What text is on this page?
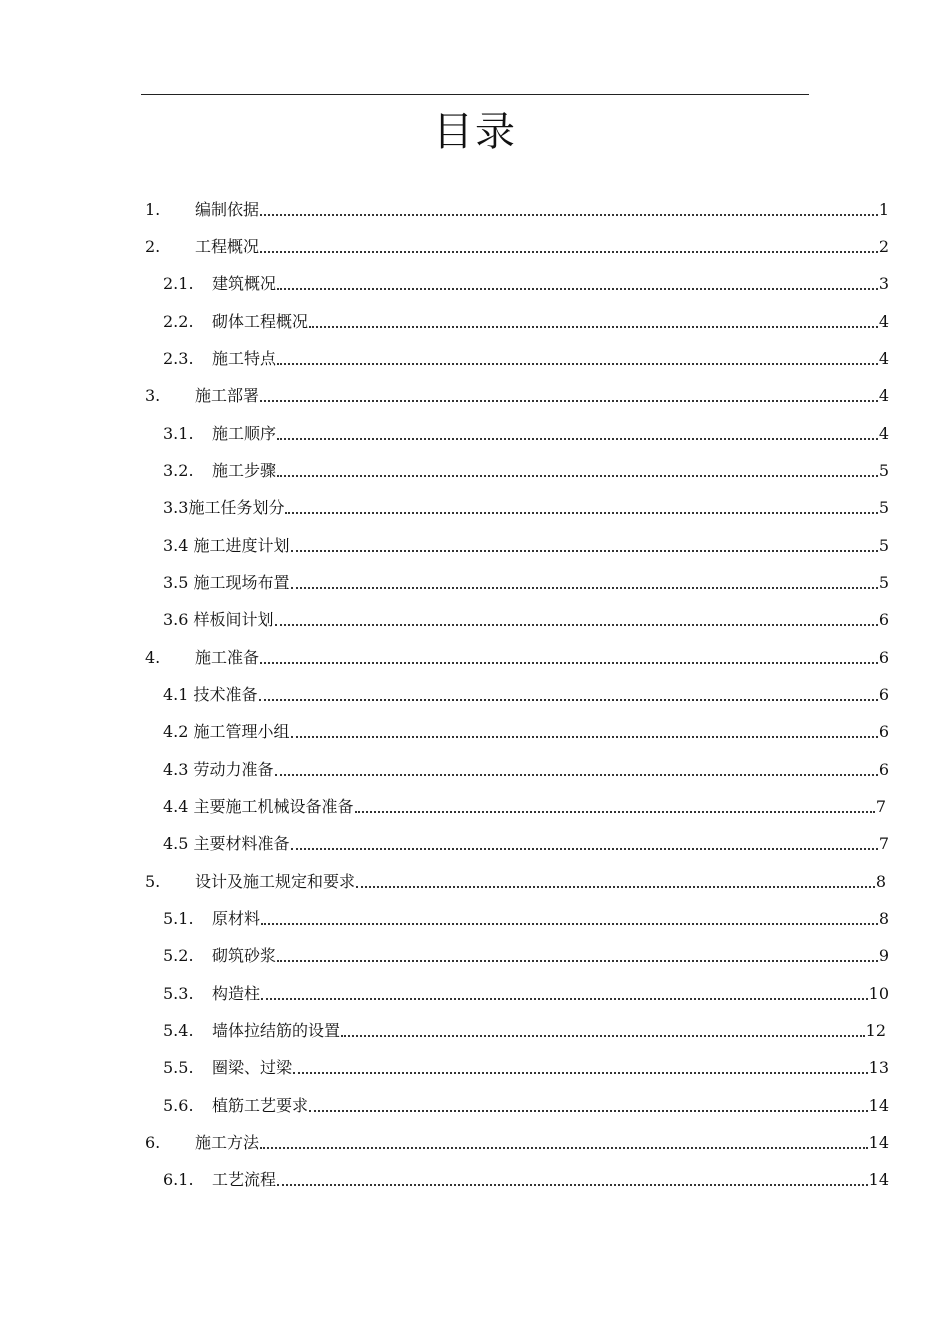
目录
1.	编制依据	1
2.	工程概况	2
2.1.	建筑概况	3
2.2.	砌体工程概况	4
2.3.	施工特点	4
3.	施工部署	4
3.1.	施工顺序	4
3.2.	施工步骤	5
3.3施工任务划分	5
3.4 施工进度计划	5
3.5 施工现场布置	5
3.6 样板间计划	6
4.	施工准备	6
4.1 技术准备	6
4.2 施工管理小组	6
4.3 劳动力准备	6
4.4 主要施工机械设备准备	7
4.5 主要材料准备	7
5.	设计及施工规定和要求	8
5.1.	原材料	8
5.2.	砌筑砂浆	9
5.3.	构造柱	10
5.4.	墙体拉结筋的设置	12
5.5.	圈梁、过梁	13
5.6.	植筋工艺要求	14
6.	施工方法	14
6.1.	工艺流程	14
